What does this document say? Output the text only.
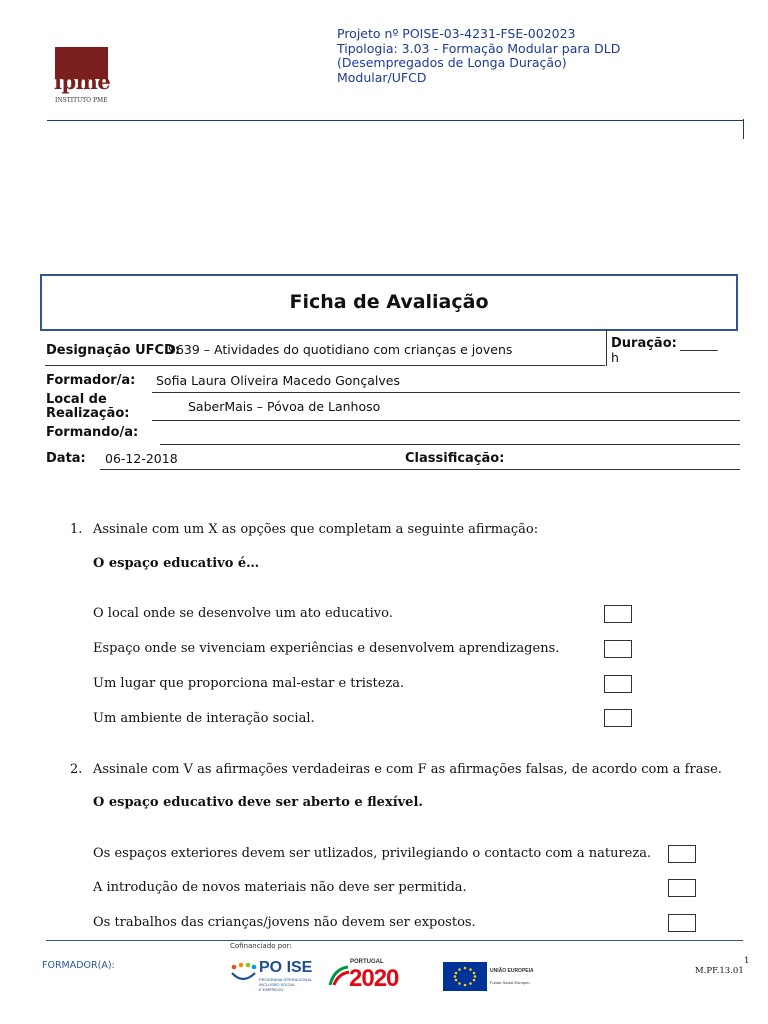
ipme
INSTITUTO PME
Projeto nº POISE-03-4231-FSE-002023
Tipologia: 3.03 - Formação Modular para DLD
(Desempregados de Longa Duração)
Modular/UFCD
Ficha de Avaliação
Designação UFCD:
9639 – Atividades do quotidiano com crianças e jovens	Duração: ______
h
Formador/a: Sofia Laura Oliveira Macedo Gonçalves
Local de
Realização:	SaberMais – Póvoa de Lanhoso
Formando/a:
Data: 06-12-2018	Classificação:
1. Assinale com um X as opções que completam a seguinte afirmação:
O espaço educativo é…
O local onde se desenvolve um ato educativo.
Espaço onde se vivenciam experiências e desenvolvem aprendizagens.
Um lugar que proporciona mal-estar e tristeza.
Um ambiente de interação social.
2. Assinale com V as afirmações verdadeiras e com F as afirmações falsas, de acordo com a frase.
O espaço educativo deve ser aberto e flexível.
Os espaços exteriores devem ser utlizados, privilegiando o contacto com a natureza.
A introdução de novos materiais não deve ser permitida.
Os trabalhos das crianças/jovens não devem ser expostos.
FORMADOR(A):
Cofinanciado por:
PO ISE
PROGRAMA OPERACIONAL
INCLUSÃO SOCIAL
E EMPREGO
PORTUGAL
2020	UNIÃO EUROPEIA
Fundo Social Europeu
1
M.PF.13.01
